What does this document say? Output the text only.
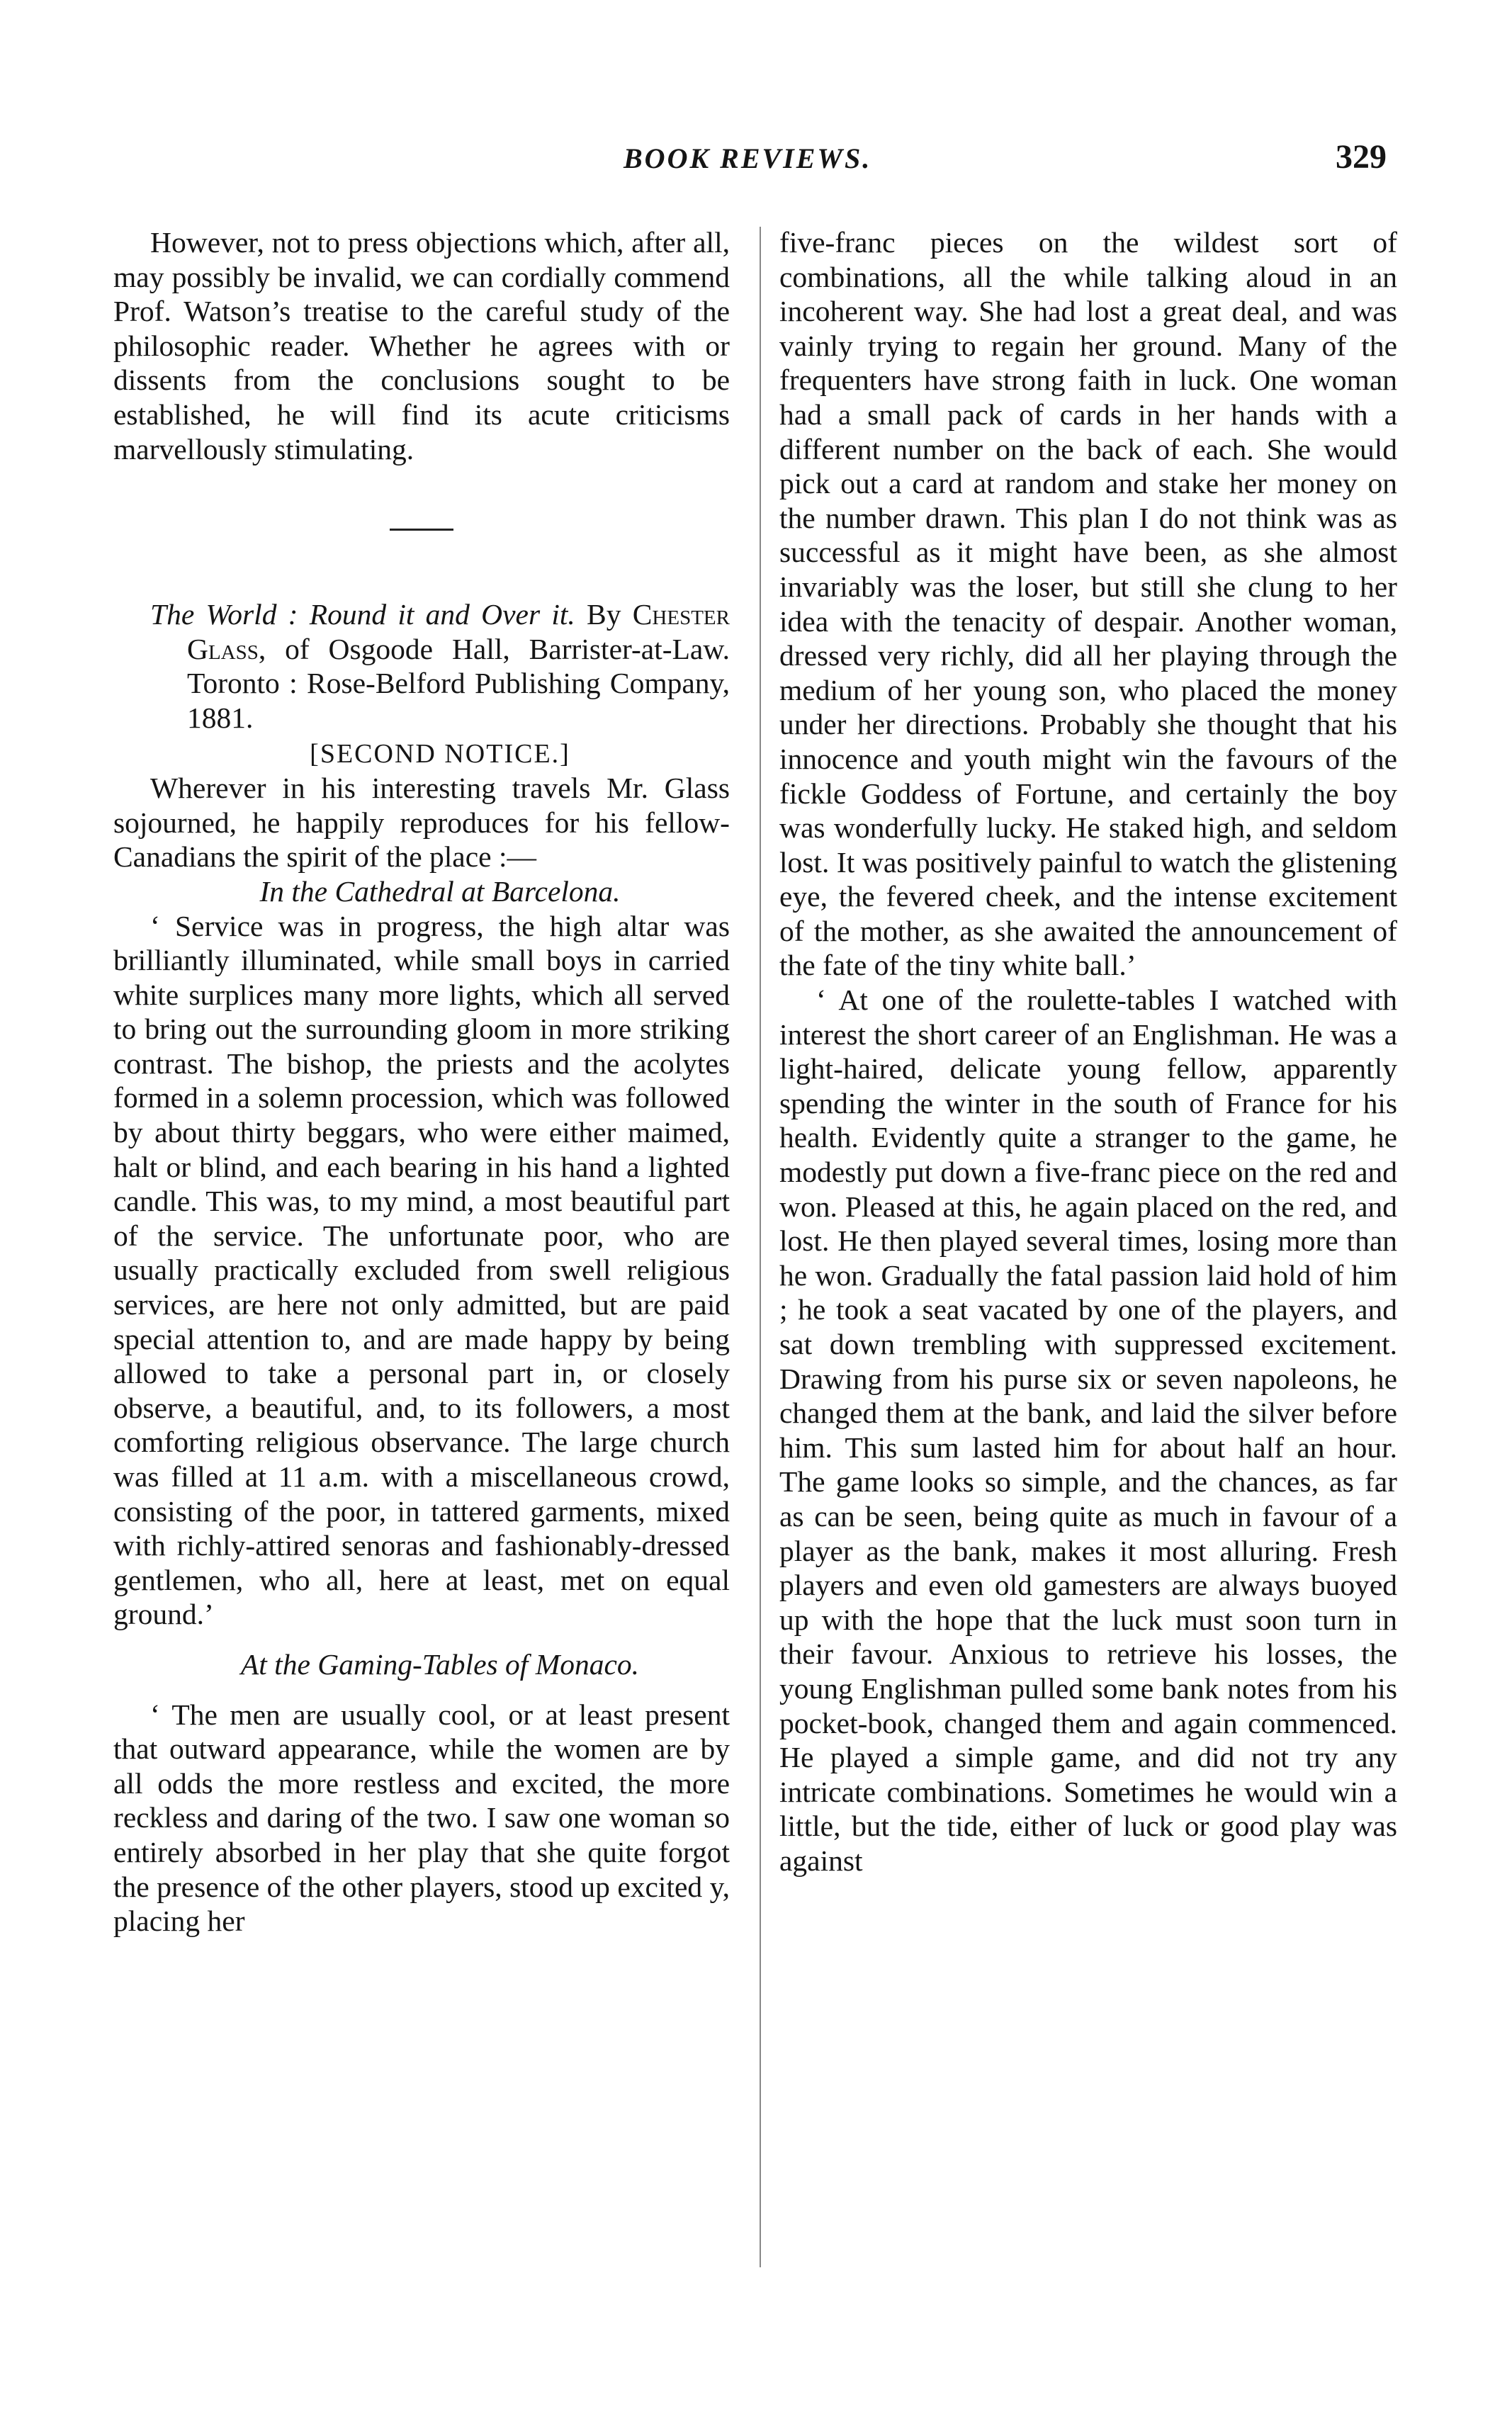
BOOK REVIEWS.	329

However, not to press objections which, after all, may possibly be invalid, we can cordially commend Prof. Watson’s treatise to the careful study of the philosophic reader. Whether he agrees with or dissents from the conclusions sought to be established, he will find its acute criticisms marvellously stimulating.

The World : Round it and Over it. By Chester Glass, of Osgoode Hall, Barrister-at-Law. Toronto : Rose-Belford Publishing Company, 1881.

[SECOND NOTICE.]

Wherever in his interesting travels Mr. Glass sojourned, he happily reproduces for his fellow-Canadians the spirit of the place :—

In the Cathedral at Barcelona.

‘ Service was in progress, the high altar was brilliantly illuminated, while small boys in carried white surplices many more lights, which all served to bring out the surrounding gloom in more striking contrast. The bishop, the priests and the acolytes formed in a solemn procession, which was followed by about thirty beggars, who were either maimed, halt or blind, and each bearing in his hand a lighted candle. This was, to my mind, a most beautiful part of the service. The unfortunate poor, who are usually practically excluded from swell religious services, are here not only admitted, but are paid special attention to, and are made happy by being allowed to take a personal part in, or closely observe, a beautiful, and, to its followers, a most comforting religious observance. The large church was filled at 11 a.m. with a miscellaneous crowd, consisting of the poor, in tattered garments, mixed with richly-attired senoras and fashionably-dressed gentlemen, who all, here at least, met on equal ground.’

At the Gaming-Tables of Monaco.

‘ The men are usually cool, or at least present that outward appearance, while the women are by all odds the more restless and excited, the more reckless and daring of the two. I saw one woman so entirely absorbed in her play that she quite forgot the presence of the other players, stood up excited y, placing her

five-franc pieces on the wildest sort of combinations, all the while talking aloud in an incoherent way. She had lost a great deal, and was vainly trying to regain her ground. Many of the frequenters have strong faith in luck. One woman had a small pack of cards in her hands with a different number on the back of each. She would pick out a card at random and stake her money on the number drawn. This plan I do not think was as successful as it might have been, as she almost invariably was the loser, but still she clung to her idea with the tenacity of despair. Another woman, dressed very richly, did all her playing through the medium of her young son, who placed the money under her directions. Probably she thought that his innocence and youth might win the favours of the fickle Goddess of Fortune, and certainly the boy was wonderfully lucky. He staked high, and seldom lost. It was positively painful to watch the glistening eye, the fevered cheek, and the intense excitement of the mother, as she awaited the announcement of the fate of the tiny white ball.’

‘ At one of the roulette-tables I watched with interest the short career of an Englishman. He was a light-haired, delicate young fellow, apparently spending the winter in the south of France for his health. Evidently quite a stranger to the game, he modestly put down a five-franc piece on the red and won. Pleased at this, he again placed on the red, and lost. He then played several times, losing more than he won. Gradually the fatal passion laid hold of him ; he took a seat vacated by one of the players, and sat down trembling with suppressed excitement. Drawing from his purse six or seven napoleons, he changed them at the bank, and laid the silver before him. This sum lasted him for about half an hour. The game looks so simple, and the chances, as far as can be seen, being quite as much in favour of a player as the bank, makes it most alluring. Fresh players and even old gamesters are always buoyed up with the hope that the luck must soon turn in their favour. Anxious to retrieve his losses, the young Englishman pulled some bank notes from his pocket-book, changed them and again commenced. He played a simple game, and did not try any intricate combinations. Sometimes he would win a little, but the tide, either of luck or good play was against
